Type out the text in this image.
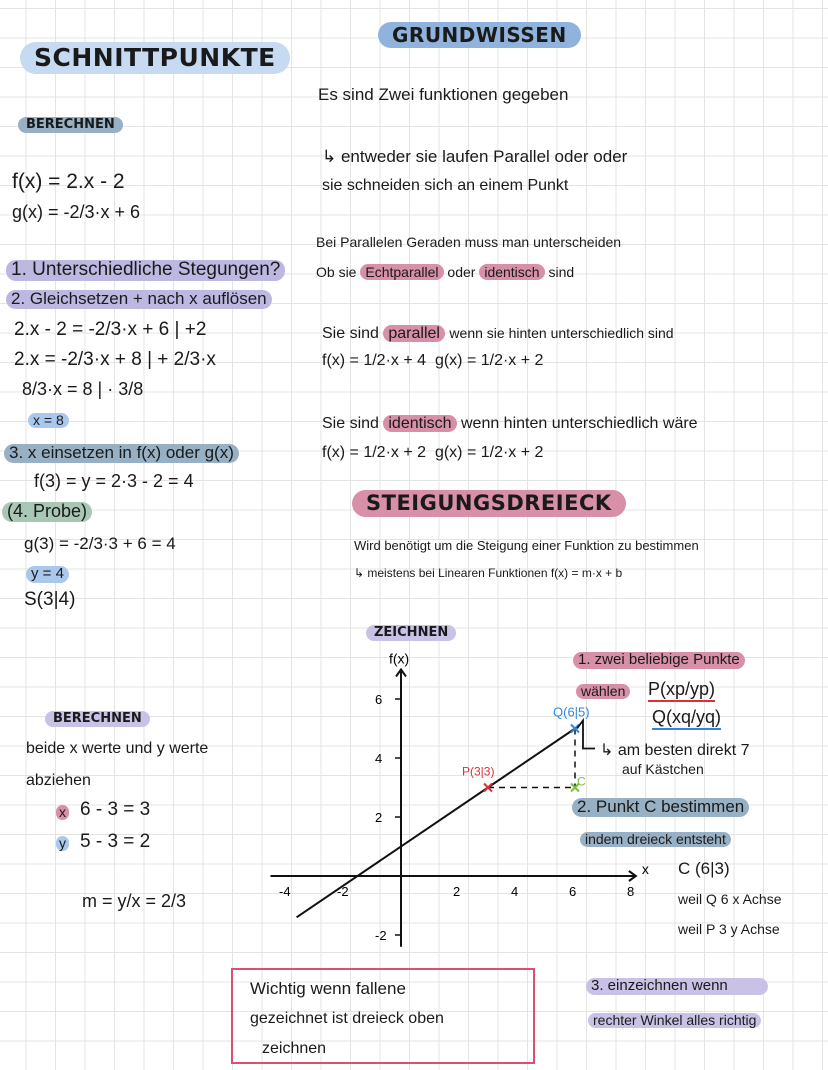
SCHNITTPUNKTE
BERECHNEN
f(x) = 2.x - 2
g(x) = -2/3·x + 6
1. Unterschiedliche Stegungen?
2. Gleichsetzen + nach x auflösen
2.x - 2 = -2/3·x + 6 | +2
2.x = -2/3·x + 8 | + 2/3·x
8/3·x = 8 | · 3/8
x = 8
3. x einsetzen in f(x) oder g(x)
f(3) = y = 2·3 - 2 = 4
(4. Probe)
g(3) = -2/3·3 + 6 = 4
y = 4
S(3|4)
BERECHNEN
beide x werte und y werte
abziehen
x 6 - 3 = 3
y 5 - 3 = 2
m = y/x = 2/3
GRUNDWISSEN
Es sind Zwei funktionen gegeben
↳ entweder sie laufen Parallel oder oder
sie schneiden sich an einem Punkt
Bei Parallelen Geraden muss man unterscheiden
Ob sie Echtparallel oder identisch sind
Sie sind parallel wenn sie hinten unterschiedlich sind
f(x) = 1/2·x + 4 g(x) = 1/2·x + 2
Sie sind identisch wenn hinten unterschiedlich wäre
f(x) = 1/2·x + 2 g(x) = 1/2·x + 2
STEIGUNGSDREIECK
Wird benötigt um die Steigung einer Funktion zu bestimmen
↳ meistens bei Linearen Funktionen f(x) = m·x + b
ZEICHNEN
f(x)
x
-4	-2	2	4	6	8
6
4
2
-2
P(3|3)
Q(6|5)
C
1. zwei beliebige Punkte
wählen P(xp/yp)
Q(xq/yq)
↳ am besten direkt 7
auf Kästchen
2. Punkt C bestimmen
indem dreieck entsteht
C (6|3)
weil Q 6 x Achse
weil P 3 y Achse
3. einzeichnen wenn
rechter Winkel alles richtig
Wichtig wenn fallene
gezeichnet ist dreieck oben
zeichnen
